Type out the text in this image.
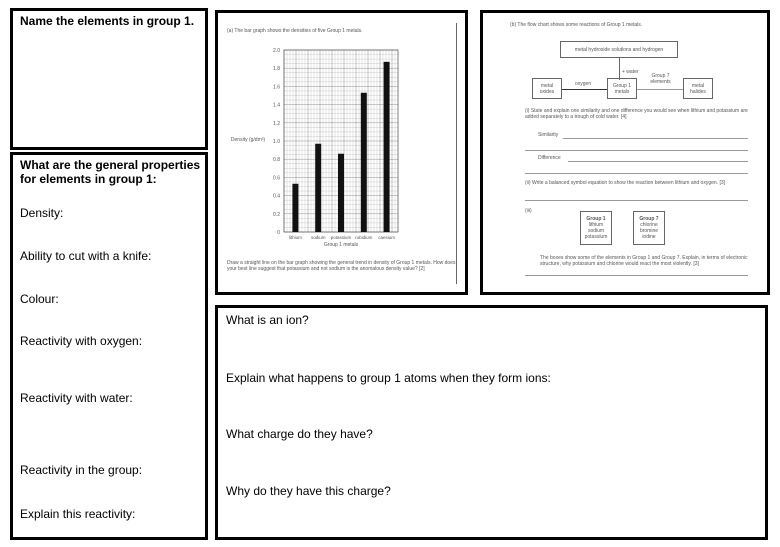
Name the elements in group 1.
What are the general properties for elements in group 1:
Density:
Ability to cut with a knife:
Colour:
Reactivity with oxygen:
Reactivity with water:
Reactivity in the group:
Explain this reactivity:
(a) The bar graph shows the densities of five Group 1 metals.
0
0.2
0.4
0.6
0.8
1.0
1.2
1.4
1.6
1.8
2.0
lithium sodium potassium rubidium caesium
Group 1 metals
Density (g/dm³)
Draw a straight line on the bar graph showing the general trend in density of Group 1 metals. How does your best line suggest that potassium and not sodium is the anomalous density value? [2]
(b) The flow chart shows some reactions of Group 1 metals.
metal hydroxide solutions and hydrogen
+ water
metal oxides
Group 1 metals
metal halides
oxygen
Group 7 elements
(i) State and explain one similarity and one difference you would see when lithium and potassium are added separately to a trough of cold water. [4]
Similarity
Difference
(ii) Write a balanced symbol equation to show the reaction between lithium and oxygen. [3]
(iii)
Group 1
lithium sodium potassium
Group 7
chlorine bromine iodine
The boxes show some of the elements in Group 1 and Group 7. Explain, in terms of electronic structure, why potassium and chlorine would react the most violently. [3]
What is an ion?
Explain what happens to group 1 atoms when they form ions:
What charge do they have?
Why do they have this charge?
